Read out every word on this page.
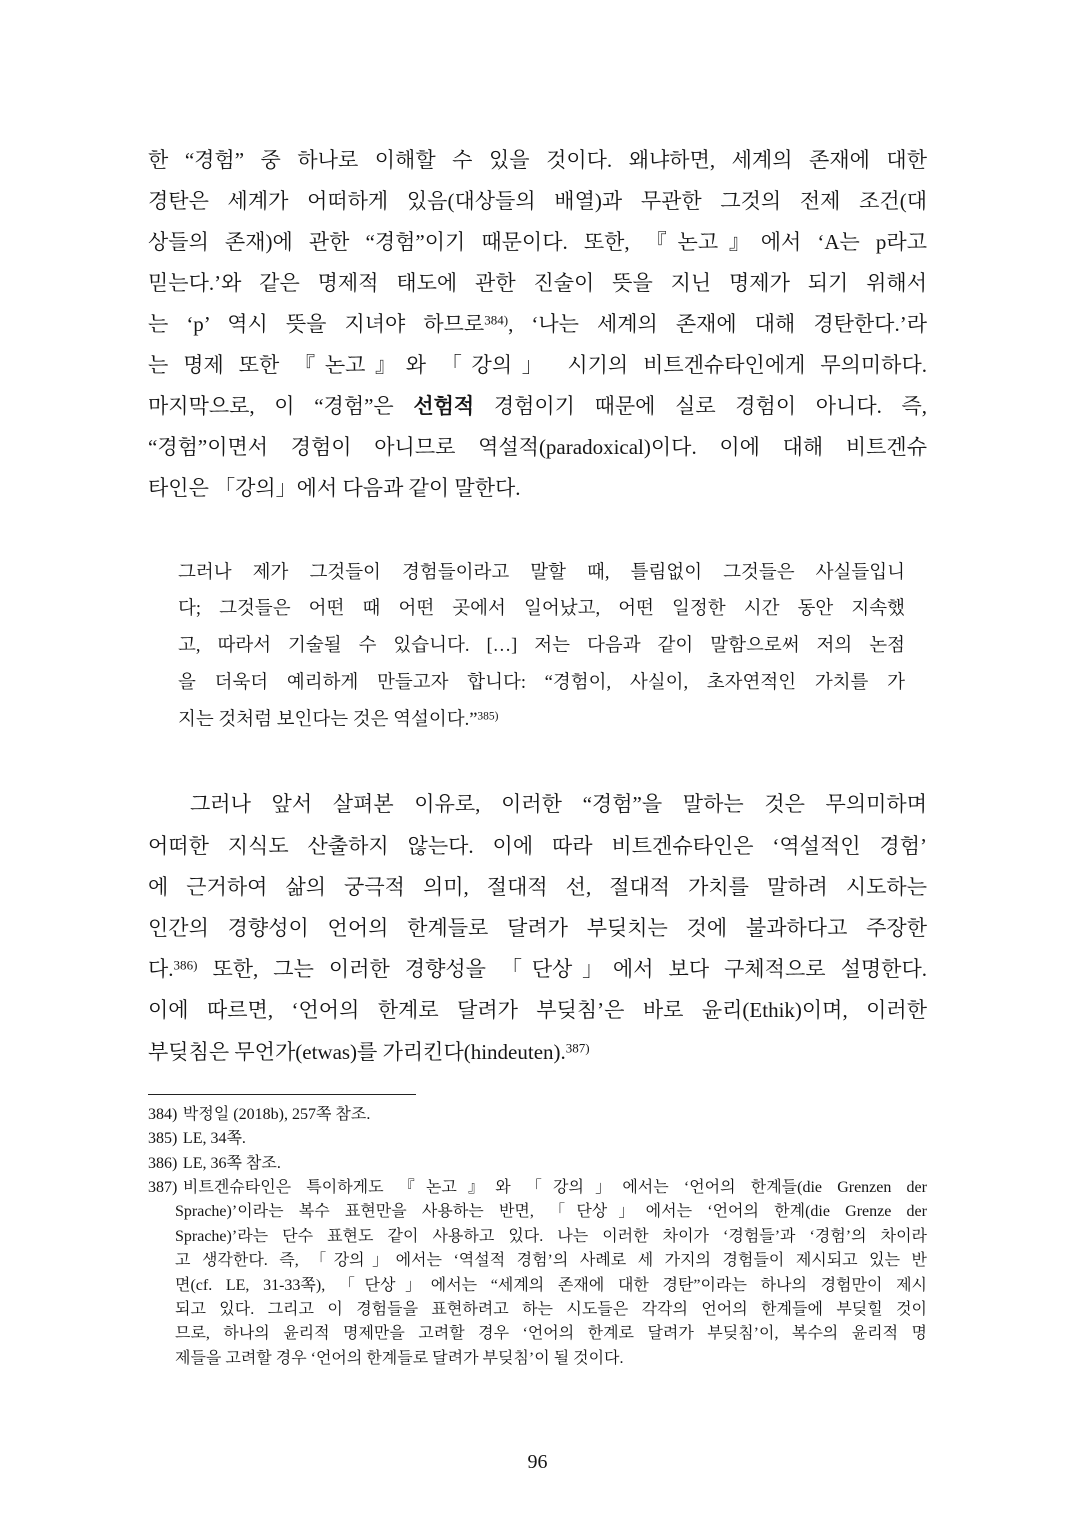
한 “경험” 중 하나로 이해할 수 있을 것이다. 왜냐하면, 세계의 존재에 대한
경탄은 세계가 어떠하게 있음(대상들의 배열)과 무관한 그것의 전제 조건(대
상들의 존재)에 관한 “경험”이기 때문이다. 또한, 『논고』에서 ‘A는 p라고
믿는다.’와 같은 명제적 태도에 관한 진술이 뜻을 지닌 명제가 되기 위해서
는 ‘p’ 역시 뜻을 지녀야 하므로$^{384)}$, ‘나는 세계의 존재에 대해 경탄한다.’라
는 명제 또한 『논고』와 「강의」 시기의 비트겐슈타인에게 무의미하다.
마지막으로, 이 “경험”은 선험적 경험이기 때문에 실로 경험이 아니다. 즉,
“경험”이면서 경험이 아니므로 역설적(paradoxical)이다. 이에 대해 비트겐슈
타인은 「강의」에서 다음과 같이 말한다.
그러나 제가 그것들이 경험들이라고 말할 때, 틀림없이 그것들은 사실들입니
다; 그것들은 어떤 때 어떤 곳에서 일어났고, 어떤 일정한 시간 동안 지속했
고, 따라서 기술될 수 있습니다. […] 저는 다음과 같이 말함으로써 저의 논점
을 더욱더 예리하게 만들고자 합니다: “경험이, 사실이, 초자연적인 가치를 가
지는 것처럼 보인다는 것은 역설이다.”$^{385)}$
그러나 앞서 살펴본 이유로, 이러한 “경험”을 말하는 것은 무의미하며
어떠한 지식도 산출하지 않는다. 이에 따라 비트겐슈타인은 ‘역설적인 경험’
에 근거하여 삶의 궁극적 의미, 절대적 선, 절대적 가치를 말하려 시도하는
인간의 경향성이 언어의 한계들로 달려가 부딪치는 것에 불과하다고 주장한
다.$^{386)}$ 또한, 그는 이러한 경향성을 「단상」에서 보다 구체적으로 설명한다.
이에 따르면, ‘언어의 한계로 달려가 부딪침’은 바로 윤리(Ethik)이며, 이러한
부딪침은 무언가(etwas)를 가리킨다(hindeuten).$^{387)}$
384) 박정일 (2018b), 257쪽 참조.
385) LE, 34쪽.
386) LE, 36쪽 참조.
387) 비트겐슈타인은 특이하게도 『논고』와 「강의」에서는 ‘언어의 한계들(die Grenzen der
Sprache)’이라는 복수 표현만을 사용하는 반면, 「단상」에서는 ‘언어의 한계(die Grenze der
Sprache)’라는 단수 표현도 같이 사용하고 있다. 나는 이러한 차이가 ‘경험들’과 ‘경험’의 차이라
고 생각한다. 즉, 「강의」에서는 ‘역설적 경험’의 사례로 세 가지의 경험들이 제시되고 있는 반
면(cf. LE, 31-33쪽), 「단상」에서는 “세계의 존재에 대한 경탄”이라는 하나의 경험만이 제시
되고 있다. 그리고 이 경험들을 표현하려고 하는 시도들은 각각의 언어의 한계들에 부딪힐 것이
므로, 하나의 윤리적 명제만을 고려할 경우 ‘언어의 한계로 달려가 부딪침’이, 복수의 윤리적 명
제들을 고려할 경우 ‘언어의 한계들로 달려가 부딪침’이 될 것이다.
96
